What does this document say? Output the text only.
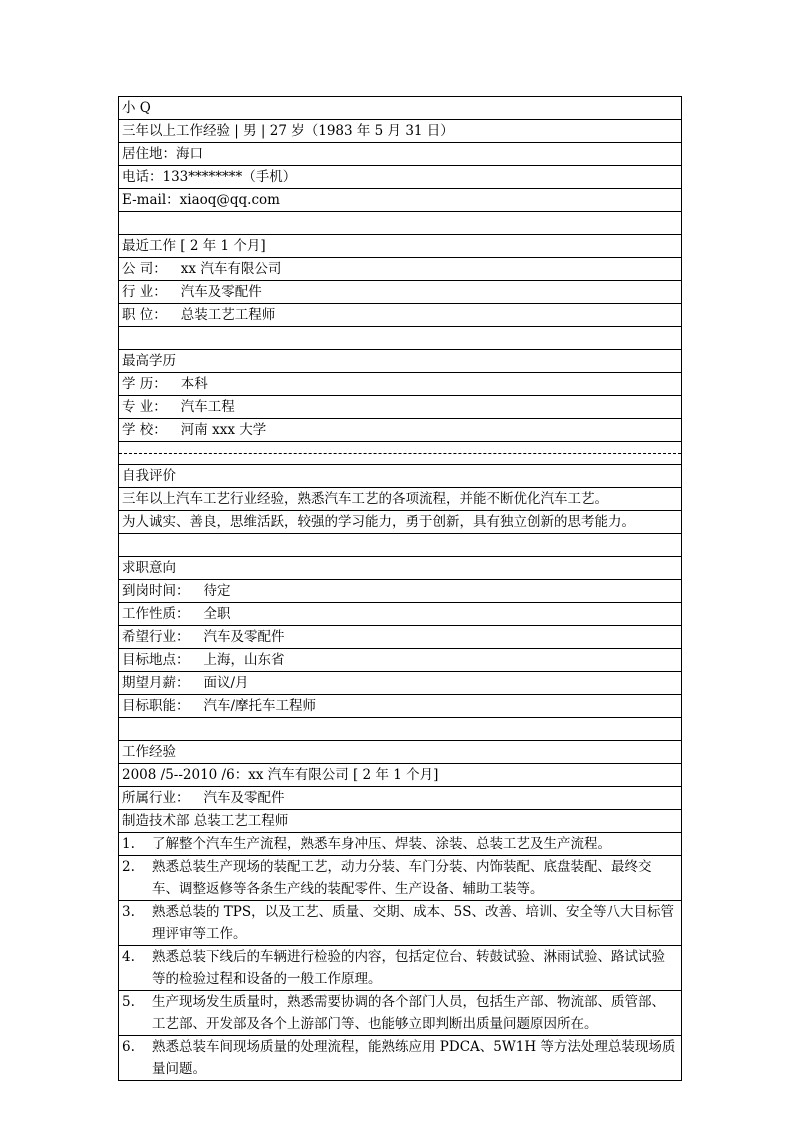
小 Q
三年以上工作经验 | 男 | 27 岁（1983 年 5 月 31 日）
居住地：海口
电话：133********（手机）
E-mail：xiaoq@qq.com

最近工作 [ 2 年 1 个月]
公 司： xx 汽车有限公司
行 业： 汽车及零配件
职 位： 总装工艺工程师

最高学历
学 历： 本科
专 业： 汽车工程
学 校： 河南 xxx 大学

自我评价
三年以上汽车工艺行业经验，熟悉汽车工艺的各项流程，并能不断优化汽车工艺。
为人诚实、善良，思维活跃，较强的学习能力，勇于创新，具有独立创新的思考能力。

求职意向
到岗时间： 待定
工作性质： 全职
希望行业： 汽车及零配件
目标地点： 上海，山东省
期望月薪： 面议/月
目标职能： 汽车/摩托车工程师

工作经验
2008 /5--2010 /6：xx 汽车有限公司 [ 2 年 1 个月]
所属行业： 汽车及零配件
制造技术部 总装工艺工程师

1.	了解整个汽车生产流程，熟悉车身冲压、焊装、涂装、总装工艺及生产流程。

2.	熟悉总装生产现场的装配工艺，动力分装、车门分装、内饰装配、底盘装配、最终交车、调整返修等各条生产线的装配零件、生产设备、辅助工装等。

3.	熟悉总装的 TPS，以及工艺、质量、交期、成本、5S、改善、培训、安全等八大目标管理评审等工作。

4.	熟悉总装下线后的车辆进行检验的内容，包括定位台、转鼓试验、淋雨试验、路试试验等的检验过程和设备的一般工作原理。

5.	生产现场发生质量时，熟悉需要协调的各个部门人员，包括生产部、物流部、质管部、工艺部、开发部及各个上游部门等、也能够立即判断出质量问题原因所在。

6.	熟悉总装车间现场质量的处理流程，能熟练应用 PDCA、5W1H 等方法处理总装现场质量问题。
